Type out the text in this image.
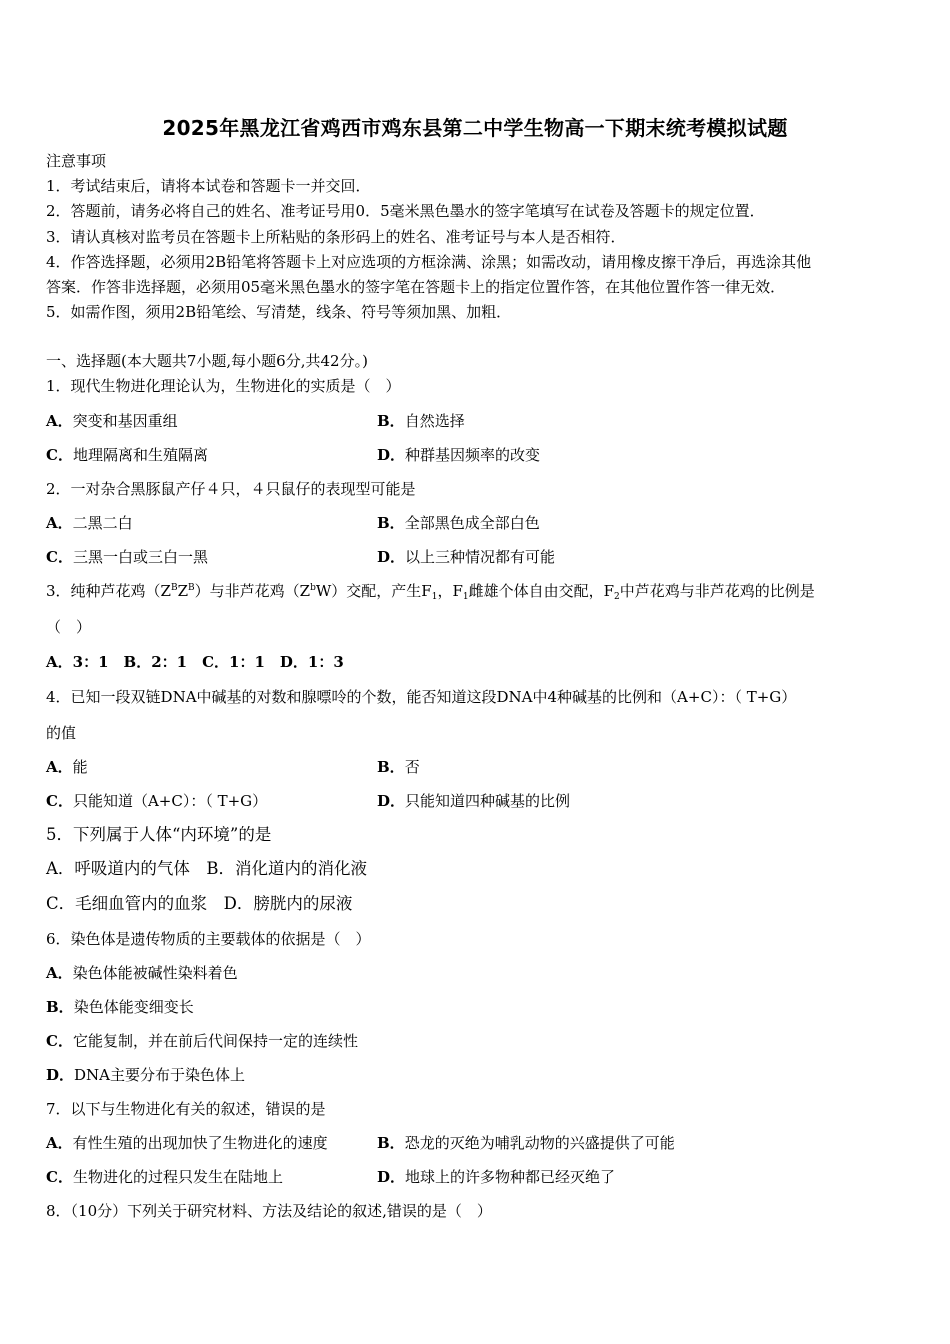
2025年黑龙江省鸡西市鸡东县第二中学生物高一下期末统考模拟试题
注意事项
1．考试结束后，请将本试卷和答题卡一并交回．
2．答题前，请务必将自己的姓名、准考证号用0．5毫米黑色墨水的签字笔填写在试卷及答题卡的规定位置．
3．请认真核对监考员在答题卡上所粘贴的条形码上的姓名、准考证号与本人是否相符．
4．作答选择题，必须用2B铅笔将答题卡上对应选项的方框涂满、涂黑；如需改动，请用橡皮擦干净后，再选涂其他
答案．作答非选择题，必须用05毫米黑色墨水的签字笔在答题卡上的指定位置作答，在其他位置作答一律无效．
5．如需作图，须用2B铅笔绘、写清楚，线条、符号等须加黑、加粗．
一、选择题(本大题共7小题,每小题6分,共42分。)
1．现代生物进化理论认为，生物进化的实质是（　）
A．突变和基因重组	B．自然选择
C．地理隔离和生殖隔离	D．种群基因频率的改变
2．一对杂合黑豚鼠产仔４只，４只鼠仔的表现型可能是
A．二黑二白	B．全部黑色成全部白色
C．三黑一白或三白一黑	D．以上三种情况都有可能
3．纯种芦花鸡$(Z^BZ^B)$与非芦花鸡$(Z^bW)$交配，产生$F_1$，$F_1$雌雄个体自由交配，$F_2$中芦花鸡与非芦花鸡的比例是
（　）
A．3：1　B．2：1　C．1：1　D．1：3
4．已知一段双链DNA中碱基的对数和腺嘌呤的个数，能否知道这段DNA中4种碱基的比例和（A+C）：（ T+G）
的值
A．能	B．否
C．只能知道（A+C）：（ T+G）	D．只能知道四种碱基的比例
5．下列属于人体“内环境”的是
A．呼吸道内的气体　B．消化道内的消化液
C．毛细血管内的血浆　D．膀胱内的尿液
6．染色体是遗传物质的主要载体的依据是（　）
A．染色体能被碱性染料着色
B．染色体能变细变长
C．它能复制，并在前后代间保持一定的连续性
D．DNA主要分布于染色体上
7．以下与生物进化有关的叙述，错误的是
A．有性生殖的出现加快了生物进化的速度	B．恐龙的灭绝为哺乳动物的兴盛提供了可能
C．生物进化的过程只发生在陆地上	D．地球上的许多物种都已经灭绝了
8．（10分）下列关于研究材料、方法及结论的叙述,错误的是（　）
